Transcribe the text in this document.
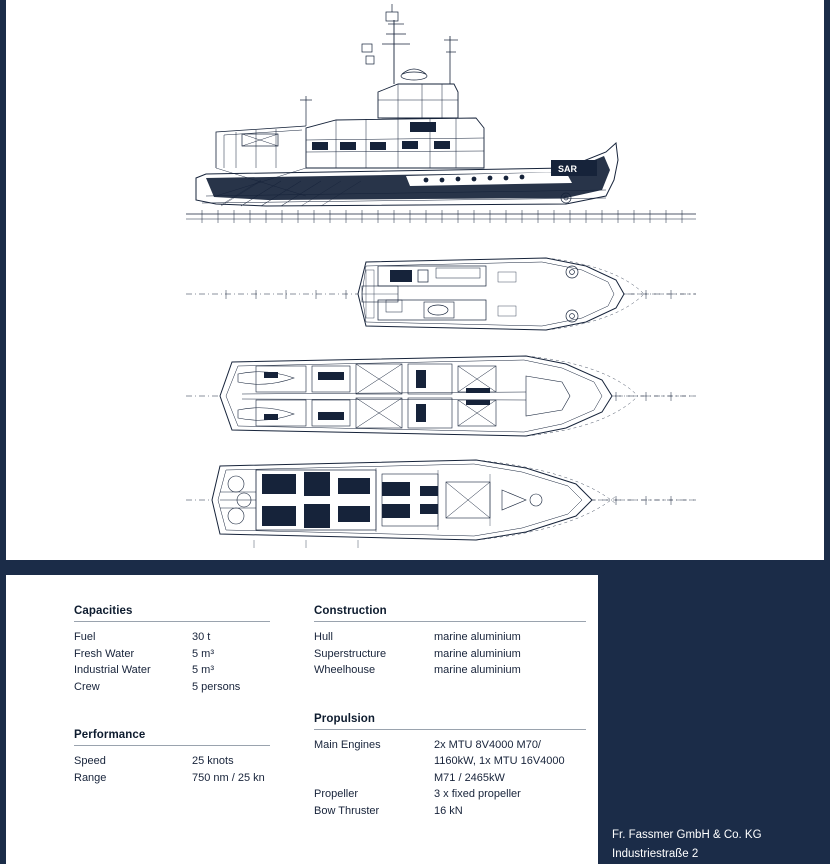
SAR
Capacities
Fuel	30 t
Fresh Water	5 m³
Industrial Water	5 m³
Crew	5 persons
Performance
Speed	25 knots
Range	750 nm / 25 kn
Construction
Hull	marine aluminium
Superstructure	marine aluminium
Wheelhouse	marine aluminium
Propulsion
Main Engines	2x MTU 8V4000 M70/
1160kW, 1x MTU 16V4000
M71 / 2465kW
Propeller	3 x fixed propeller
Bow Thruster	16 kN
Fr. Fassmer GmbH & Co. KG
Industriestraße 2
